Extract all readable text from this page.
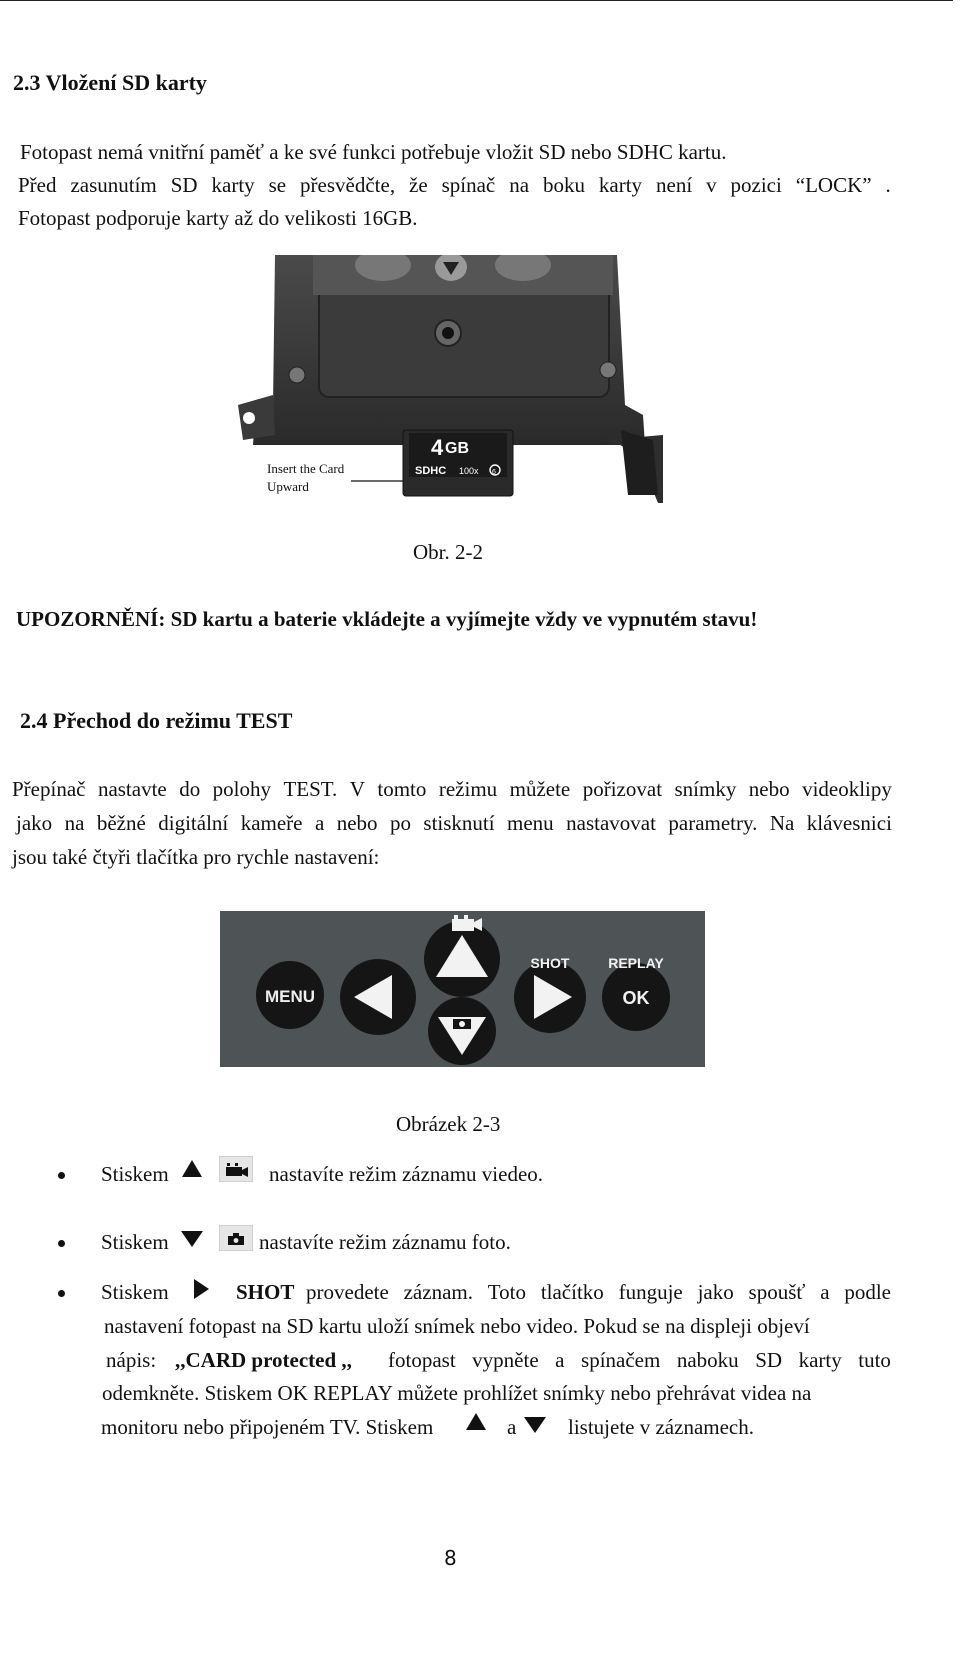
2.3 Vložení SD karty
Fotopast nemá vnitřní paměť a ke své funkci potřebuje vložit SD nebo SDHC kartu.
Před zasunutím SD karty se přesvědčte, že spínač na boku karty není v pozici “LOCK” .
Fotopast podporuje karty až do velikosti 16GB.
4 GB
SDHC 100x 6
Insert the Card
Upward
Obr. 2-2
UPOZORNĚNÍ: SD kartu a baterie vkládejte a vyjímejte vždy ve vypnutém stavu!
2.4 Přechod do režimu TEST
Přepínač nastavte do polohy TEST. V tomto režimu můžete pořizovat snímky nebo videoklipy
jako na běžné digitální kameře a nebo po stisknutí menu nastavovat parametry. Na klávesnici
jsou také čtyři tlačítka pro rychle nastavení:
MENU
SHOT
OK
REPLAY
Obrázek 2-3
Stiskem	nastavíte režim záznamu viedeo.
Stiskem	nastavíte režim záznamu foto.
Stiskem	SHOT provedete záznam. Toto tlačítko funguje jako spoušť a podle
nastavení fotopast na SD kartu uloží snímek nebo video. Pokud se na displeji objeví
nápis: ,,CARD protected ,, fotopast vypněte a spínačem naboku SD karty tuto
odemkněte. Stiskem OK REPLAY můžete prohlížet snímky nebo přehrávat videa na
monitoru nebo připojeném TV. Stiskem	a listujete v záznamech.
8
